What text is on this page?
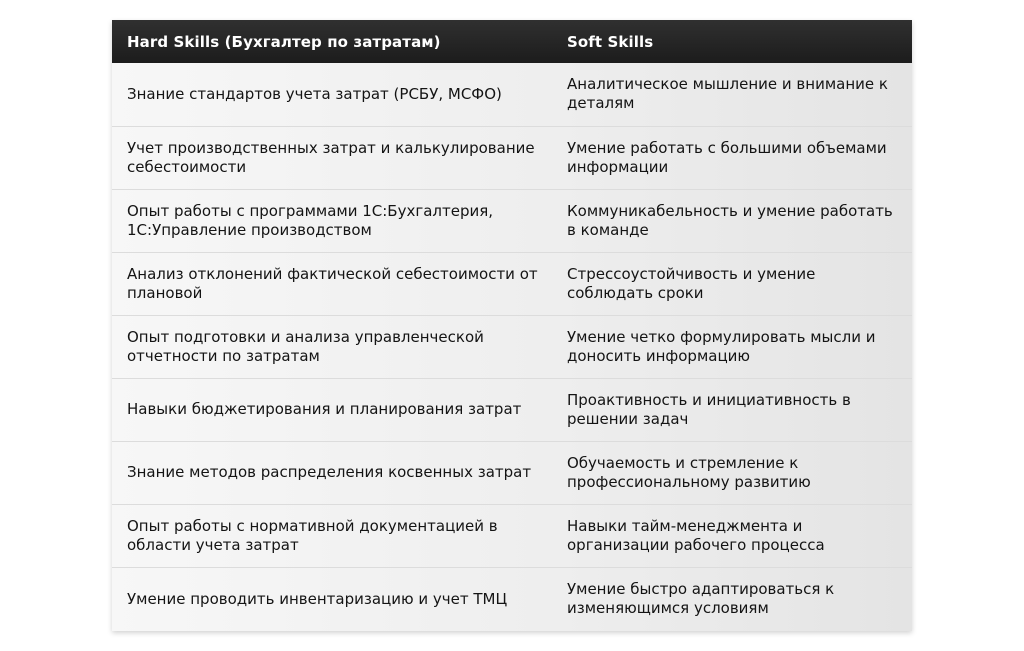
Hard Skills (Бухгалтер по затратам)	Soft Skills
Знание стандартов учета затрат (РСБУ, МСФО)	Аналитическое мышление и внимание к деталям
Учет производственных затрат и калькулирование себестоимости	Умение работать с большими объемами информации
Опыт работы с программами 1С:Бухгалтерия, 1С:Управление производством	Коммуникабельность и умение работать в команде
Анализ отклонений фактической себестоимости от плановой	Стрессоустойчивость и умение соблюдать сроки
Опыт подготовки и анализа управленческой отчетности по затратам	Умение четко формулировать мысли и доносить информацию
Навыки бюджетирования и планирования затрат	Проактивность и инициативность в решении задач
Знание методов распределения косвенных затрат	Обучаемость и стремление к профессиональному развитию
Опыт работы с нормативной документацией в области учета затрат	Навыки тайм-менеджмента и организации рабочего процесса
Умение проводить инвентаризацию и учет ТМЦ	Умение быстро адаптироваться к изменяющимся условиям
